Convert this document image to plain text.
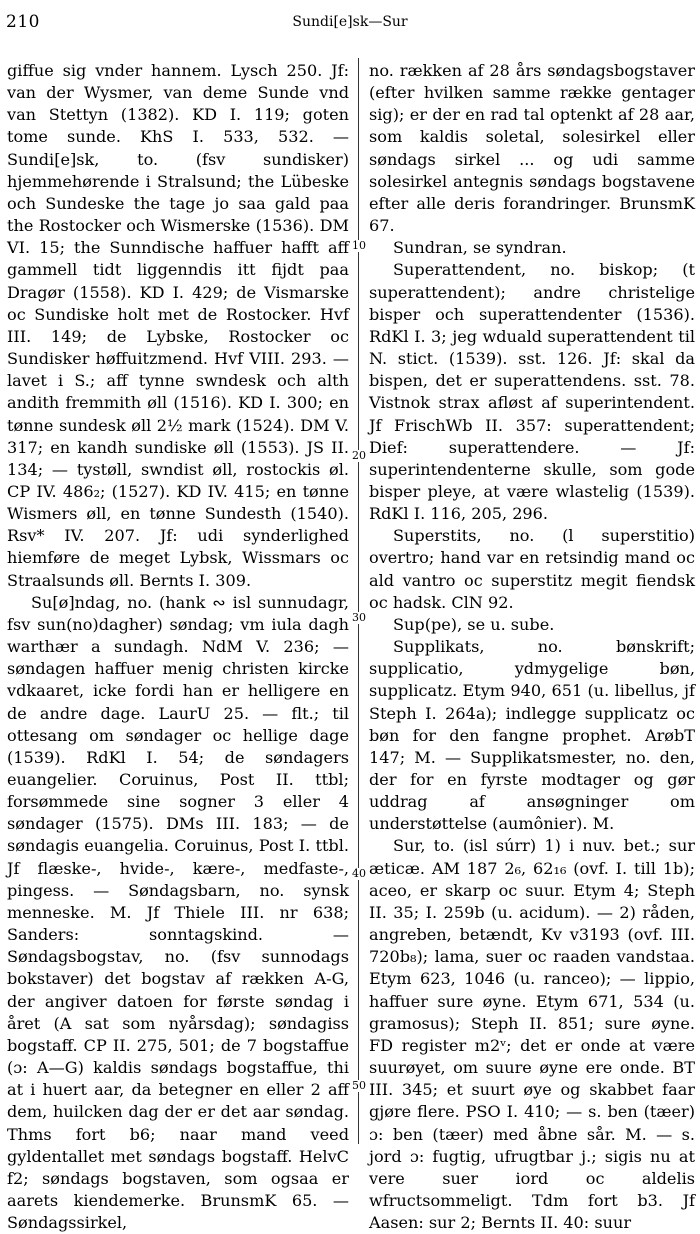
210	Sundi[e]sk—Sur

giffue sig vnder hannem. Lysch 250. Jf: van der Wysmer, van deme Sunde vnd van Stettyn (1382). KD I. 119; goten tome sunde. KhS I. 533, 532. — Sundi[e]sk, to. (fsv sundisker) hjemmehørende i Stralsund; the Lübeske och Sundeske the tage jo saa gald paa the Rostocker och Wismerske (1536). DM VI. 15; the Sunndische haffuer hafft aff gammell tidt liggenndis itt fijdt paa Dragør (1558). KD I. 429; de Vismarske oc Sundiske holt met de Rostocker. Hvf III. 149; de Lybske, Rostocker oc Sundisker høffuitzmend. Hvf VIII. 293. — lavet i S.; aff tynne swndesk och alth andith fremmith øll (1516). KD I. 300; en tønne sundesk øll 2½ mark (1524). DM V. 317; en kandh sundiske øll (1553). JS II. 134; — tystøll, swndist øll, rostockis øl. CP IV. 486₂; (1527). KD IV. 415; en tønne Wismers øll, en tønne Sundesth (1540). Rsv* IV. 207. Jf: udi synderlighed hiemføre de meget Lybsk, Wissmars oc Straalsunds øll. Bernts I. 309.

Su[ø]ndag, no. (hank ∾ isl sunnudagr, fsv sun(no)dagher) søndag; vm iula dagh warthær a sundagh. NdM V. 236; — søndagen haffuer menig christen kircke vdkaaret, icke fordi han er helligere en de andre dage. LaurU 25. — flt.; til ottesang om søndager oc hellige dage (1539). RdKl I. 54; de søndagers euangelier. Coruinus, Post II. ttbl; forsømmede sine sogner 3 eller 4 søndager (1575). DMs III. 183; — de søndagis euangelia. Coruinus, Post I. ttbl. Jf flæske-, hvide-, kære-, medfaste-, pingess. — Søndagsbarn, no. synsk menneske. M. Jf Thiele III. nr 638; Sanders: sonntagskind. — Søndagsbogstav, no. (fsv sunnodags bokstaver) det bogstav af rækken A-G, der angiver datoen for første søndag i året (A sat som nyårsdag); søndagiss bogstaff. CP II. 275, 501; de 7 bogstaffue (ɔ: A—G) kaldis søndags bogstaffue, thi at i huert aar, da betegner en eller 2 aff dem, huilcken dag der er det aar søndag. Thms fort b6; naar mand veed gyldentallet met søndags bogstaff. HelvC f2; søndags bogstaven, som ogsaa er aarets kiendemerke. BrunsmK 65. — Søndagssirkel,

10
20
30
40
50

no. rækken af 28 års søndagsbogstaver (efter hvilken samme række gentager sig); er der en rad tal optenkt af 28 aar, som kaldis soletal, solesirkel eller søndags sirkel ... og udi samme solesirkel antegnis søndags bogstavene efter alle deris forandringer. BrunsmK 67.

Sundran, se syndran.

Superattendent, no. biskop; (t superattendent); andre christelige bisper och superattendenter (1536). RdKl I. 3; jeg wduald superattendent til N. stict. (1539). sst. 126. Jf: skal da bispen, det er superattendens. sst. 78. Vistnok strax afløst af superintendent. Jf FrischWb II. 357: superattendent; Dief: superattendere. — Jf: superintendenterne skulle, som gode bisper pleye, at være wlastelig (1539). RdKl I. 116, 205, 296.

Superstits, no. (l superstitio) overtro; hand var en retsindig mand oc ald vantro oc superstitz megit fiendsk oc hadsk. ClN 92.

Sup(pe), se u. sube.

Supplikats, no. bønskrift; supplicatio, ydmygelige bøn, supplicatz. Etym 940, 651 (u. libellus, jf Steph I. 264a); indlegge supplicatz oc bøn for den fangne prophet. ArøbT 147; M. — Supplikatsmester, no. den, der for en fyrste modtager og gør uddrag af ansøgninger om understøttelse (aumônier). M.

Sur, to. (isl súrr) 1) i nuv. bet.; sur æticæ. AM 187 2₆, 62₁₆ (ovf. I. till 1b); aceo, er skarp oc suur. Etym 4; Steph II. 35; I. 259b (u. acidum). — 2) råden, angreben, betændt, Kv v3193 (ovf. III. 720b₈); lama, suer oc raaden vandstaa. Etym 623, 1046 (u. ranceo); — lippio, haffuer sure øyne. Etym 671, 534 (u. gramosus); Steph II. 851; sure øyne. FD register m2ᵛ; det er onde at være suurøyet, om suure øyne ere onde. BT III. 345; et suurt øye og skabbet faar gjøre flere. PSO I. 410; — s. ben (tæer) ɔ: ben (tæer) med åbne sår. M. — s. jord ɔ: fugtig, ufrugtbar j.; sigis nu at vere suer iord oc aldelis wfructsommeligt. Tdm fort b3. Jf Aasen: sur 2; Bernts II. 40: suur
